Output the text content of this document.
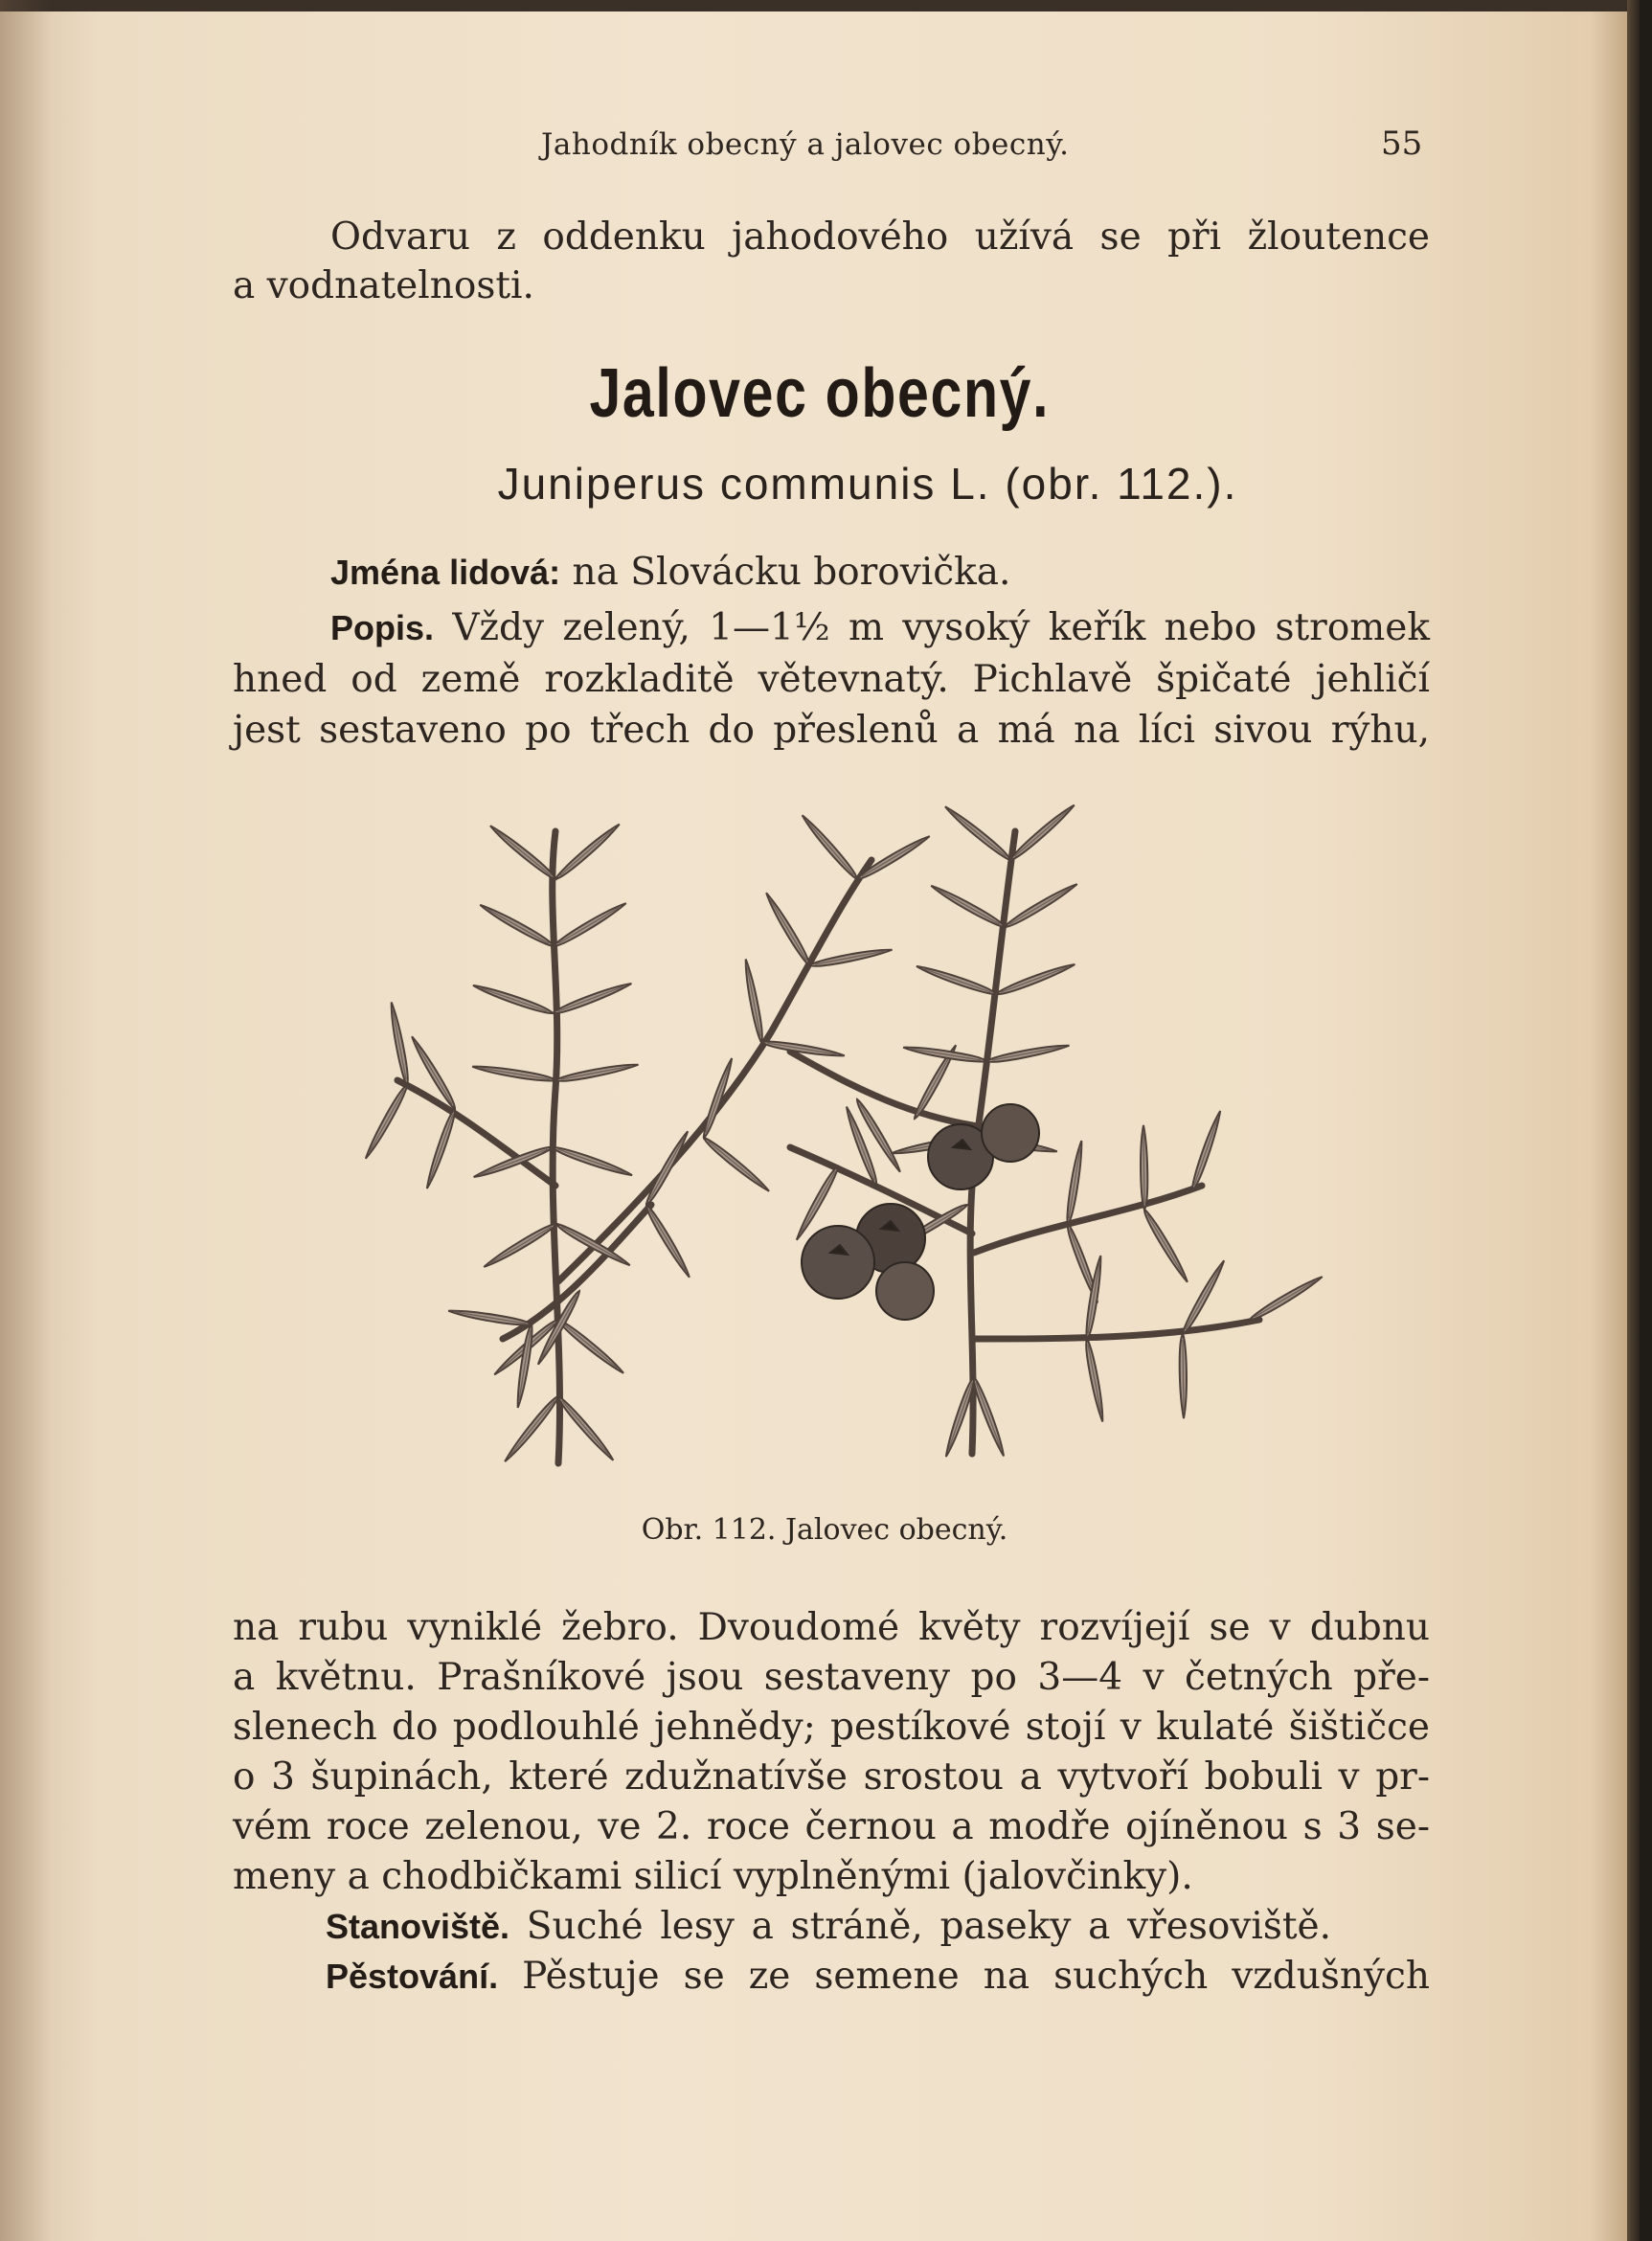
Jahodník obecný a jalovec obecný.	55
Odvaru z oddenku jahodového užívá se při žloutence
a vodnatelnosti.
Jalovec obecný.
Juniperus communis L. (obr. 112.).
Jména lidová: na Slovácku borovička.
Popis. Vždy zelený, 1—1½ m vysoký keřík nebo stromek
hned od země rozkladitě větevnatý. Pichlavě špičaté jehličí
jest sestaveno po třech do přeslenů a má na líci sivou rýhu,
Obr. 112. Jalovec obecný.
na rubu vyniklé žebro. Dvoudomé květy rozvíjejí se v dubnu
a květnu. Prašníkové jsou sestaveny po 3—4 v četných pře-
slenech do podlouhlé jehnědy; pestíkové stojí v kulaté šištičce
o 3 šupinách, které zdužnatívše srostou a vytvoří bobuli v pr-
vém roce zelenou, ve 2. roce černou a modře ojíněnou s 3 se-
meny a chodbičkami silicí vyplněnými (jalovčinky).
Stanoviště. Suché lesy a stráně, paseky a vřesoviště.
Pěstování. Pěstuje se ze semene na suchých vzdušných
